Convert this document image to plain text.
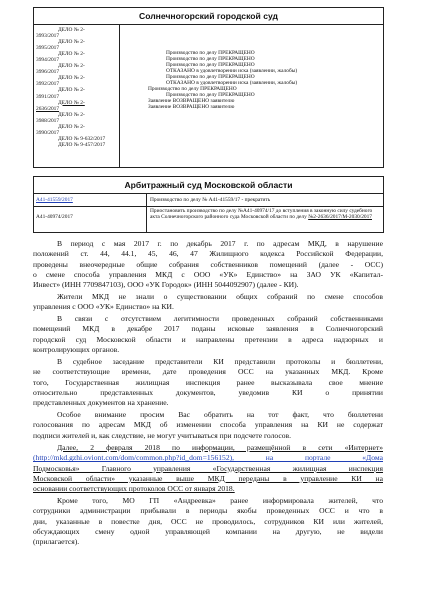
Солнечногорский городской суд
ДЕЛО № 2-
3993/2017
ДЕЛО № 2-
3995/2017
ДЕЛО № 2-
3994/2017
ДЕЛО № 2-
3996/2017
ДЕЛО № 2-
3992/2017
ДЕЛО № 2-
3991/2017
ДЕЛО № 2-
2636/2017
ДЕЛО № 2-
3988/2017
ДЕЛО № 2-
3990/2017
ДЕЛО № 9-632/2017
ДЕЛО № 9-457/2017
Производство по делу ПРЕКРАЩЕНО
Производство по делу ПРЕКРАЩЕНО
Производство по делу ПРЕКРАЩЕНО
ОТКАЗАНО в удовлетворении иска (заявлении, жалобы)
Производство по делу ПРЕКРАЩЕНО
ОТКАЗАНО в удовлетворении иска (заявлении, жалобы)
Производство по делу ПРЕКРАЩЕНО
Производство по делу ПРЕКРАЩЕНО
Заявление ВОЗВРАЩЕНО заявителю
Заявление ВОЗВРАЩЕНО заявителю
Арбитражный суд Московской области
А41-41559/2017	Производство по делу № А41-41559/17 - прекратить
А41-40974/2017
Приостановить производство по делу №А41-40974/17 до вступления в законную силу судебного акта Солнечногорского районного суда Московской области по делу №2-2636/2017/М-2030/2017
В период с мая 2017 г. по декабрь 2017 г. по адресам МКД, в нарушение
положений ст. 44, 44.1, 45, 46, 47 Жилищного кодекса Российской Федерации,
проведены внеочередные общие собрания собственников помещений (далее - ОСС)
о смене способа управления МКД с ООО «УК» Единство» на ЗАО УК «Капитал-
Инвест» (ИНН 7709847103), ООО «УК Городок» (ИНН 5044092907) (далее - КИ).
Жители МКД не знали о существовании общих собраний по смене способов
управления с ООО «УК» Единство» на КИ.
В связи с отсутствием легитимности проведенных собраний собственниками
помещений МКД в декабре 2017 поданы исковые заявления в Солнечногорский
городской суд Московской области и направлены претензии в адреса надзорных и
контролирующих органов.
В судебное заседание представители КИ представили протоколы и бюллетени,
не соответствующие времени, дате проведения ОСС на указанных МКД. Кроме
того, Государственная жилищная инспекция ранее высказывала свое мнение
относительно представленных документов, уведомив КИ о принятии
представленных документов на хранение.
Особое внимание просим Вас обратить на тот факт, что бюллетени
голосования по адресам МКД об изменении способа управления на КИ не содержат
подписи жителей и, как следствие, не могут учитываться при подсчете голосов.
Далее, 2 февраля 2018 по информации, размещённой в сети «Интернет»
(http://mkd.gzhi.oviont.com/dom/common.php?id_dom=156152), на портале «Дома
Подмосковья» Главного управления «Государственная жилищная инспекция
Московской области» указанные выше МКД переданы в управление КИ на
основании соответствующих протоколов ОСС от января 2018.
Кроме того, МО ГП «Андреевка» ранее информировала жителей, что
сотрудники администрации прибывали в периоды якобы проведенных ОСС и что в
дни, указанные в повестке дня, ОСС не проводилось, сотрудников КИ или жителей,
обсуждающих смену одной управляющей компании на другую, не видели
(прилагается).
